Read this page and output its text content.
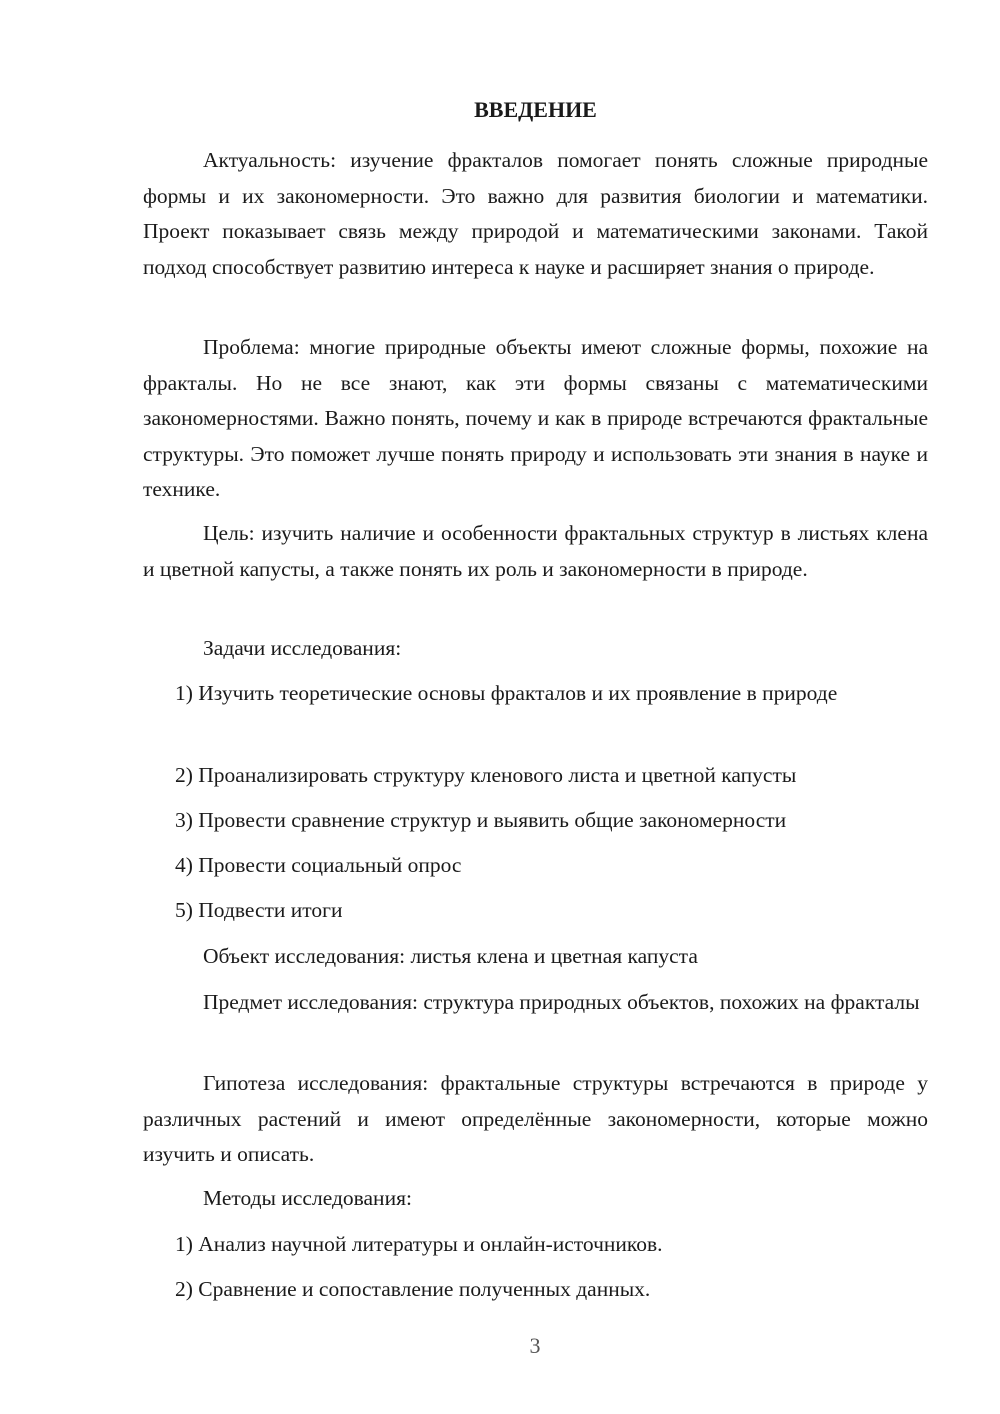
ВВЕДЕНИЕ
Актуальность: изучение фракталов помогает понять сложные природные формы и их закономерности. Это важно для развития биологии и математики. Проект показывает связь между природой и математическими законами. Такой подход способствует развитию интереса к науке и расширяет знания о природе.
Проблема: многие природные объекты имеют сложные формы, похожие на фракталы. Но не все знают, как эти формы связаны с математическими закономерностями. Важно понять, почему и как в природе встречаются фрактальные структуры. Это поможет лучше понять природу и использовать эти знания в науке и технике.
Цель: изучить наличие и особенности фрактальных структур в листьях клена и цветной капусты, а также понять их роль и закономерности в природе.
Задачи исследования:
1) Изучить теоретические основы фракталов и их проявление в природе
2) Проанализировать структуру кленового листа и цветной капусты
3) Провести сравнение структур и выявить общие закономерности
4) Провести социальный опрос
5) Подвести итоги
Объект исследования: листья клена и цветная капуста
Предмет исследования: структура природных объектов, похожих на фракталы
Гипотеза исследования: фрактальные структуры встречаются в природе у различных растений и имеют определённые закономерности, которые можно изучить и описать.
Методы исследования:
1) Анализ научной литературы и онлайн-источников.
2) Сравнение и сопоставление полученных данных.
3
